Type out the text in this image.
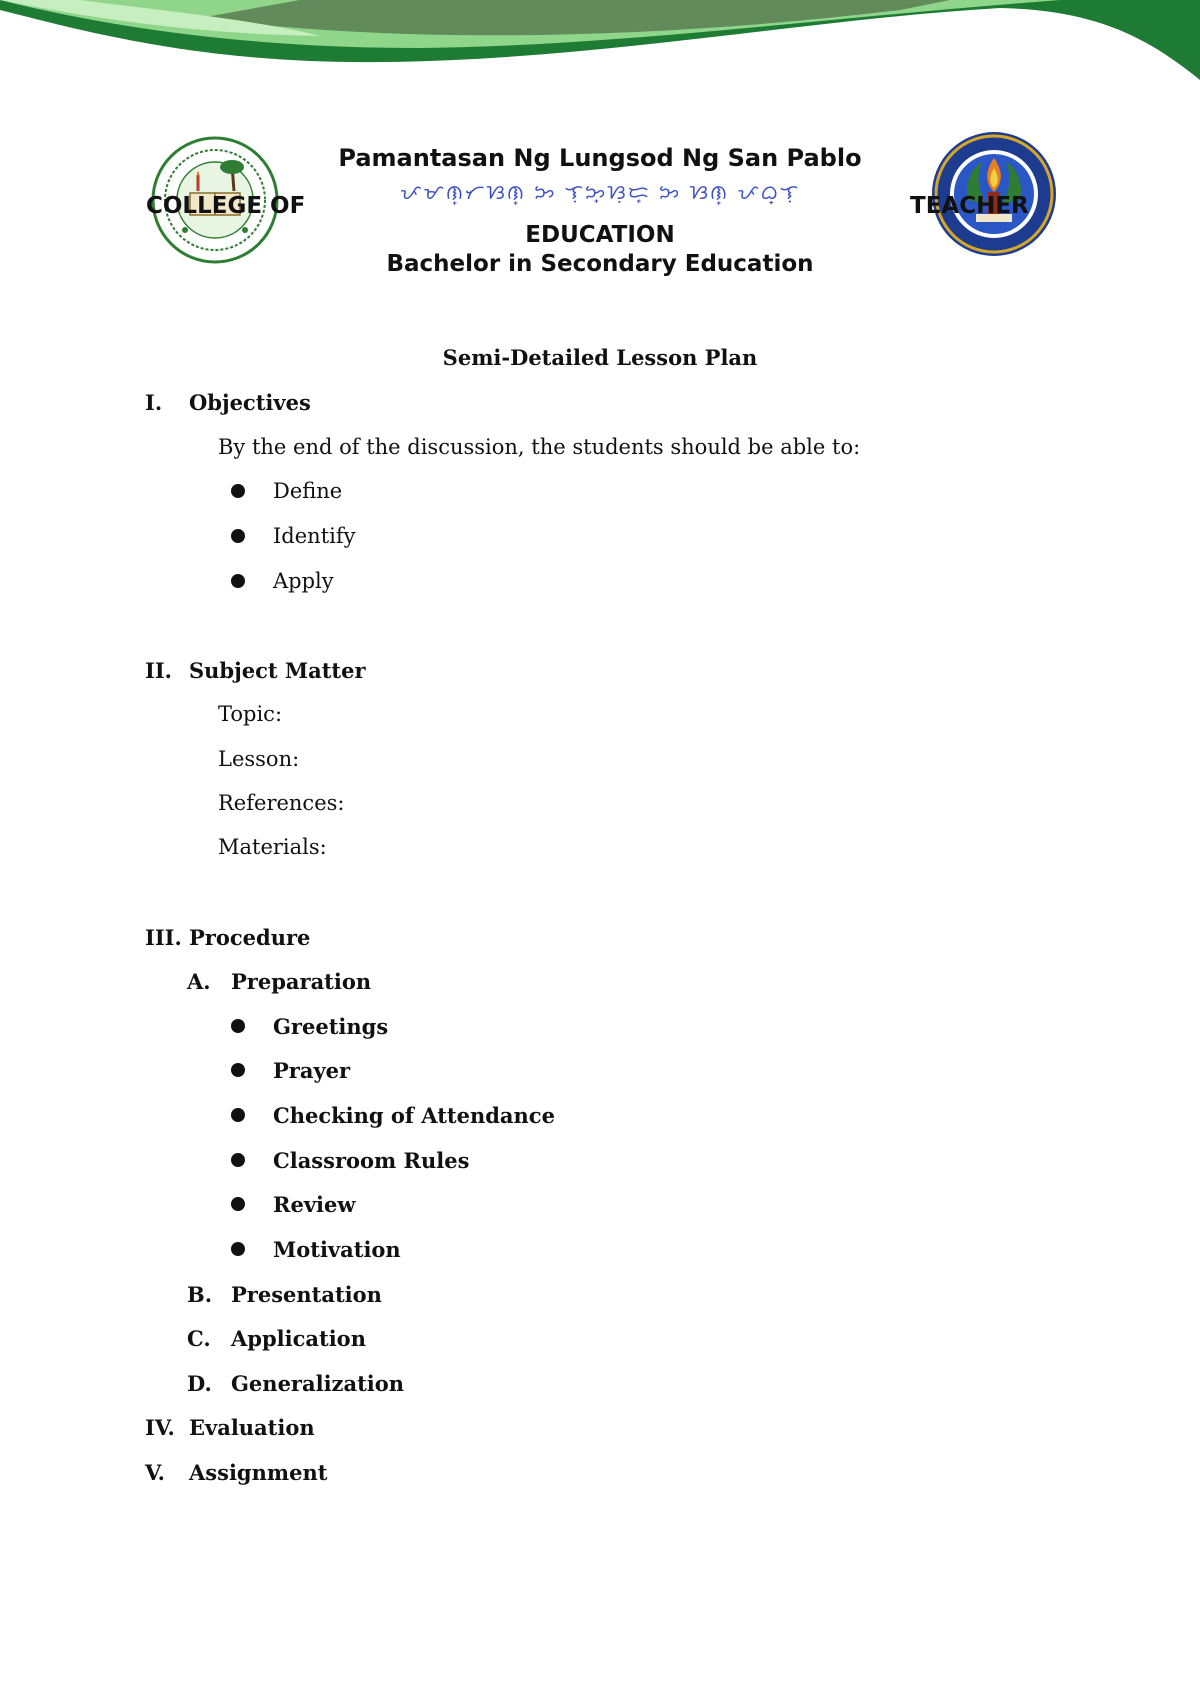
Pamantasan Ng Lungsod Ng San Pablo
ᜉᜋᜈ᜔ᜆᜐᜈ᜔ ᜅ ᜎᜓᜅ᜔ᜐᜓᜇ᜔ ᜅ ᜐᜈ᜔ ᜉᜊ᜔ᜎᜓ
COLLEGE OF	TEACHER
EDUCATION
Bachelor in Secondary Education
Semi-Detailed Lesson Plan
I. Objectives
By the end of the discussion, the students should be able to:
Define
Identify
Apply
II. Subject Matter
Topic:
Lesson:
References:
Materials:
III. Procedure
A. Preparation
Greetings
Prayer
Checking of Attendance
Classroom Rules
Review
Motivation
B. Presentation
C. Application
D. Generalization
IV. Evaluation
V. Assignment
